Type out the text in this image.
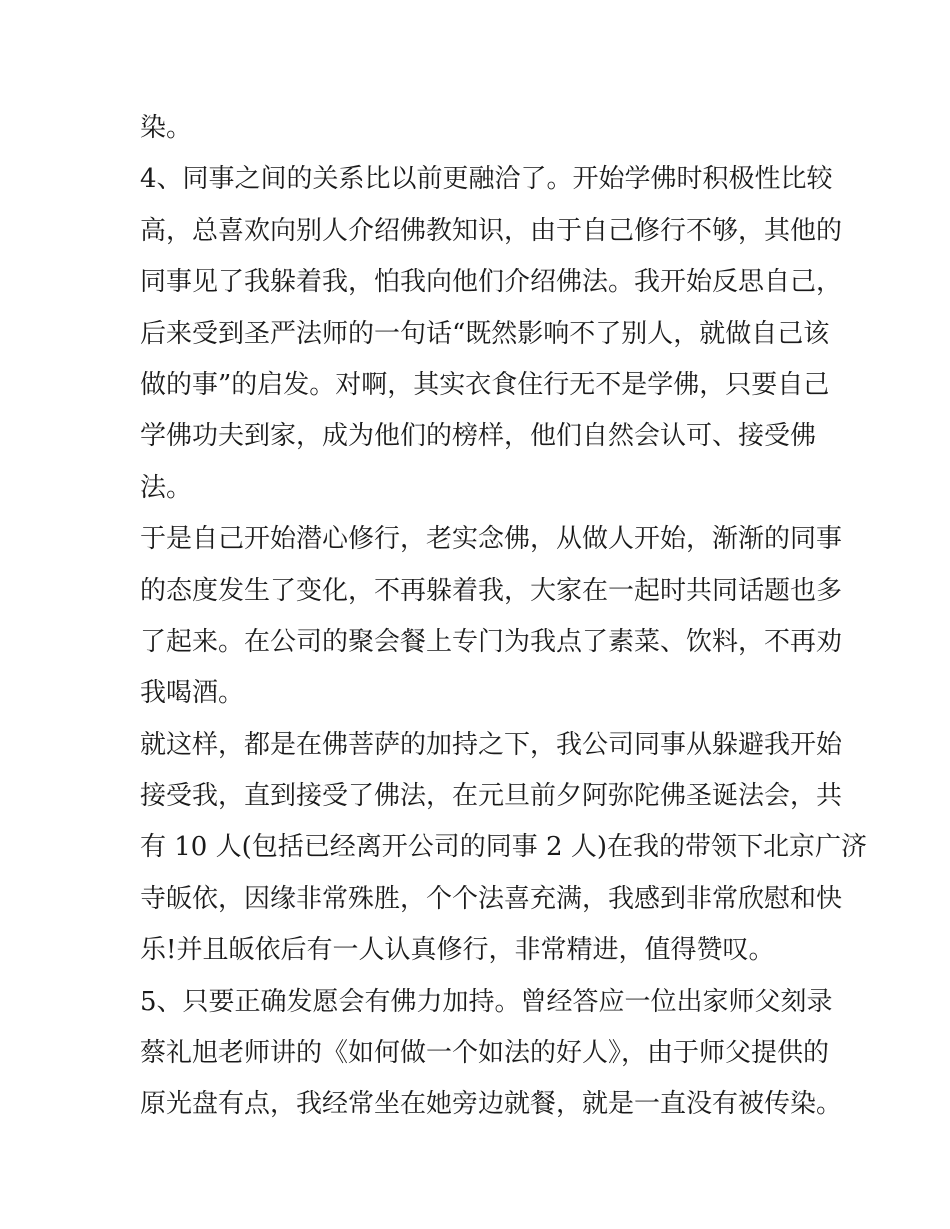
染。
4、同事之间的关系比以前更融洽了。开始学佛时积极性比较
高，总喜欢向别人介绍佛教知识，由于自己修行不够，其他的
同事见了我躲着我，怕我向他们介绍佛法。我开始反思自己，
后来受到圣严法师的一句话“既然影响不了别人，就做自己该
做的事”的启发。对啊，其实衣食住行无不是学佛，只要自己
学佛功夫到家，成为他们的榜样，他们自然会认可、接受佛
法。
于是自己开始潜心修行，老实念佛，从做人开始，渐渐的同事
的态度发生了变化，不再躲着我，大家在一起时共同话题也多
了起来。在公司的聚会餐上专门为我点了素菜、饮料，不再劝
我喝酒。
就这样，都是在佛菩萨的加持之下，我公司同事从躲避我开始
接受我，直到接受了佛法，在元旦前夕阿弥陀佛圣诞法会，共
有 10 人(包括已经离开公司的同事 2 人)在我的带领下北京广济
寺皈依，因缘非常殊胜，个个法喜充满，我感到非常欣慰和快
乐!并且皈依后有一人认真修行，非常精进，值得赞叹。
5、只要正确发愿会有佛力加持。曾经答应一位出家师父刻录
蔡礼旭老师讲的《如何做一个如法的好人》，由于师父提供的
原光盘有点，我经常坐在她旁边就餐，就是一直没有被传染。
